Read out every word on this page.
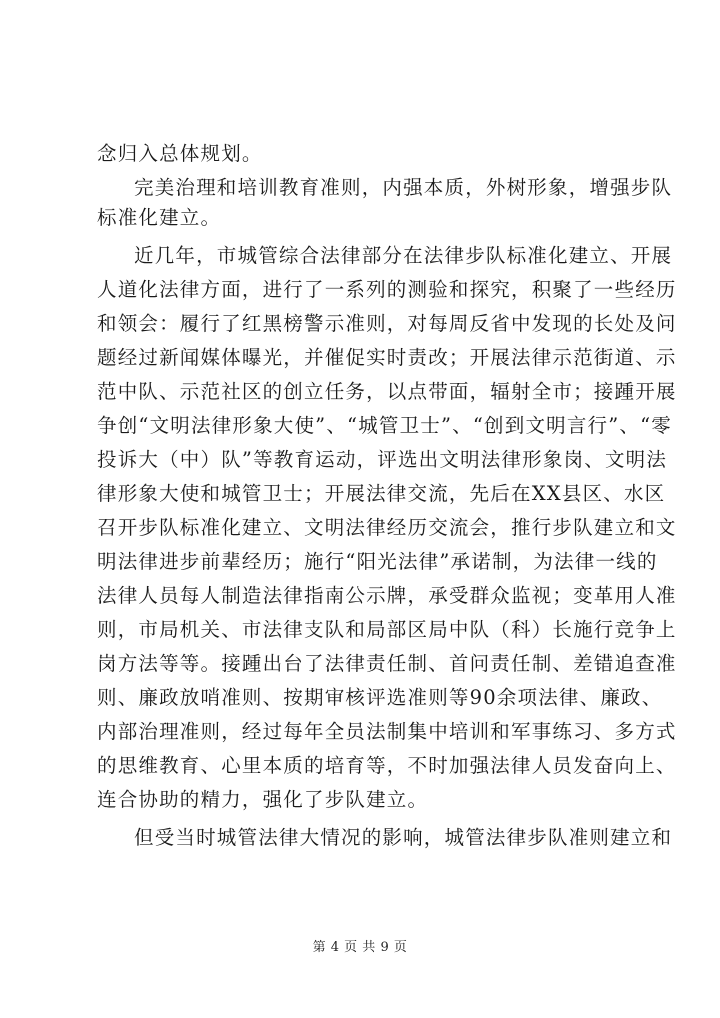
念归入总体规划。
完美治理和培训教育准则，内强本质，外树形象，增强步队
标准化建立。
近几年，市城管综合法律部分在法律步队标准化建立、开展
人道化法律方面，进行了一系列的测验和探究，积聚了一些经历
和领会：履行了红黑榜警示准则，对每周反省中发现的长处及问
题经过新闻媒体曝光，并催促实时责改；开展法律示范街道、示
范中队、示范社区的创立任务，以点带面，辐射全市；接踵开展
争创“文明法律形象大使”、“城管卫士”、“创到文明言行”、“零
投诉大（中）队”等教育运动，评选出文明法律形象岗、文明法
律形象大使和城管卫士；开展法律交流，先后在XX县区、水区
召开步队标准化建立、文明法律经历交流会，推行步队建立和文
明法律进步前辈经历；施行“阳光法律”承诺制，为法律一线的
法律人员每人制造法律指南公示牌，承受群众监视；变革用人准
则，市局机关、市法律支队和局部区局中队（科）长施行竞争上
岗方法等等。接踵出台了法律责任制、首问责任制、差错追查准
则、廉政放哨准则、按期审核评选准则等90余项法律、廉政、
内部治理准则，经过每年全员法制集中培训和军事练习、多方式
的思维教育、心里本质的培育等，不时加强法律人员发奋向上、
连合协助的精力，强化了步队建立。
但受当时城管法律大情况的影响，城管法律步队准则建立和
第 4 页 共 9 页
